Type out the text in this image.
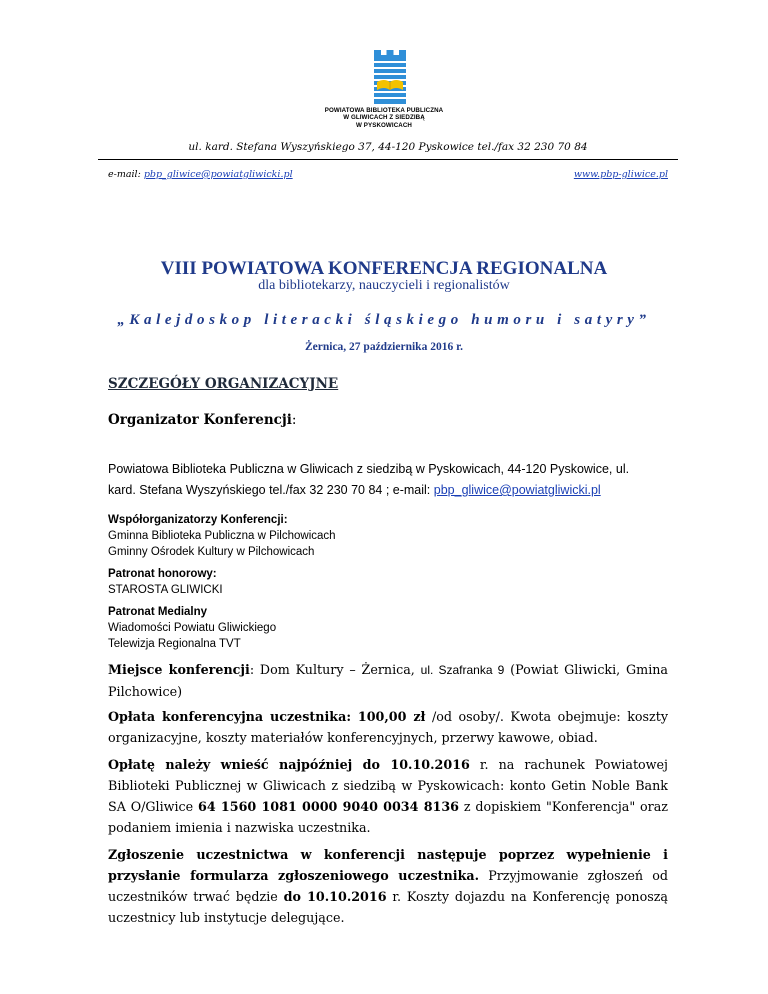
POWIATOWA BIBLIOTEKA PUBLICZNA
W GLIWICACH Z SIEDZIBĄ
W PYSKOWICACH
ul. kard. Stefana Wyszyńskiego 37, 44-120 Pyskowice tel./fax 32 230 70 84
e-mail: pbp_gliwice@powiatgliwicki.pl	www.pbp-gliwice.pl
VIII POWIATOWA KONFERENCJA REGIONALNA
dla bibliotekarzy, nauczycieli i regionalistów
„Kalejdoskop literacki śląskiego humoru i satyry”
Żernica, 27 października 2016 r.
SZCZEGÓŁY ORGANIZACYJNE
Organizator Konferencji:
Powiatowa Biblioteka Publiczna w Gliwicach z siedzibą w Pyskowicach, 44-120 Pyskowice, ul.
kard. Stefana Wyszyńskiego tel./fax 32 230 70 84 ; e-mail: pbp_gliwice@powiatgliwicki.pl
Współorganizatorzy Konferencji:
Gminna Biblioteka Publiczna w Pilchowicach
Gminny Ośrodek Kultury w Pilchowicach
Patronat honorowy:
STAROSTA GLIWICKI
Patronat Medialny
Wiadomości Powiatu Gliwickiego
Telewizja Regionalna TVT
Miejsce konferencji: Dom Kultury – Żernica, ul. Szafranka 9 (Powiat Gliwicki, Gmina Pilchowice)
Opłata konferencyjna uczestnika: 100,00 zł /od osoby/. Kwota obejmuje: koszty organizacyjne, koszty materiałów konferencyjnych, przerwy kawowe, obiad.
Opłatę należy wnieść najpóźniej do 10.10.2016 r. na rachunek Powiatowej Biblioteki Publicznej w Gliwicach z siedzibą w Pyskowicach: konto Getin Noble Bank SA O/Gliwice 64 1560 1081 0000 9040 0034 8136 z dopiskiem "Konferencja" oraz podaniem imienia i nazwiska uczestnika.
Zgłoszenie uczestnictwa w konferencji następuje poprzez wypełnienie i przysłanie formularza zgłoszeniowego uczestnika. Przyjmowanie zgłoszeń od uczestników trwać będzie do 10.10.2016 r. Koszty dojazdu na Konferencję ponoszą uczestnicy lub instytucje delegujące.
